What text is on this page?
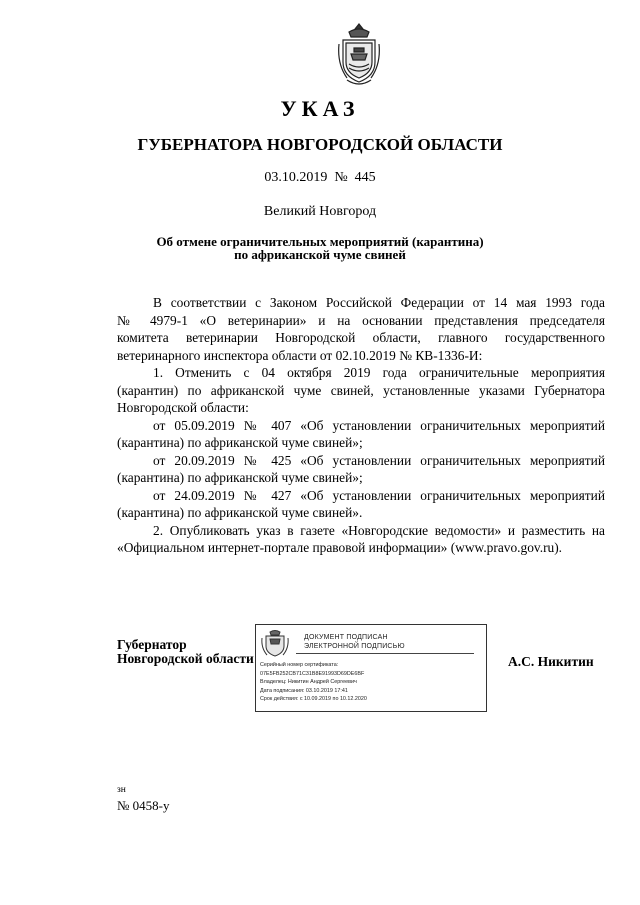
УКАЗ
ГУБЕРНАТОРА НОВГОРОДСКОЙ ОБЛАСТИ
03.10.2019 № 445
Великий Новгород
Об отмене ограничительных мероприятий (карантина)
по африканской чуме свиней

В соответствии с Законом Российской Федерации от 14 мая 1993 года

№ 4979-1 «О ветеринарии» и на основании представления председателя

комитета ветеринарии Новгородской области, главного государственного

ветеринарного инспектора области от 02.10.2019 № КВ-1336-И:

1. Отменить с 04 октября 2019 года ограничительные мероприятия

(карантин) по африканской чуме свиней, установленные указами Губернатора

Новгородской области:

от 05.09.2019 № 407 «Об установлении ограничительных мероприятий

(карантина) по африканской чуме свиней»;

от 20.09.2019 № 425 «Об установлении ограничительных мероприятий

(карантина) по африканской чуме свиней»;

от 24.09.2019 № 427 «Об установлении ограничительных мероприятий

(карантина) по африканской чуме свиней».

2. Опубликовать указ в газете «Новгородские ведомости» и разместить на

«Официальном интернет-портале правовой информации» (www.pravo.gov.ru).

Губернатор
Новгородской области
ДОКУМЕНТ ПОДПИСАН
ЭЛЕКТРОННОЙ ПОДПИСЬЮ
Серийный номер сертификата:
07E5FB252CB71C31B8E91993D69DE6BF
Владелец: Никитин Андрей Сергеевич
Дата подписания: 03.10.2019 17:41
Срок действия: с 10.09.2019 по 10.12.2020
А.С. Никитин
зн
№ 0458-у
